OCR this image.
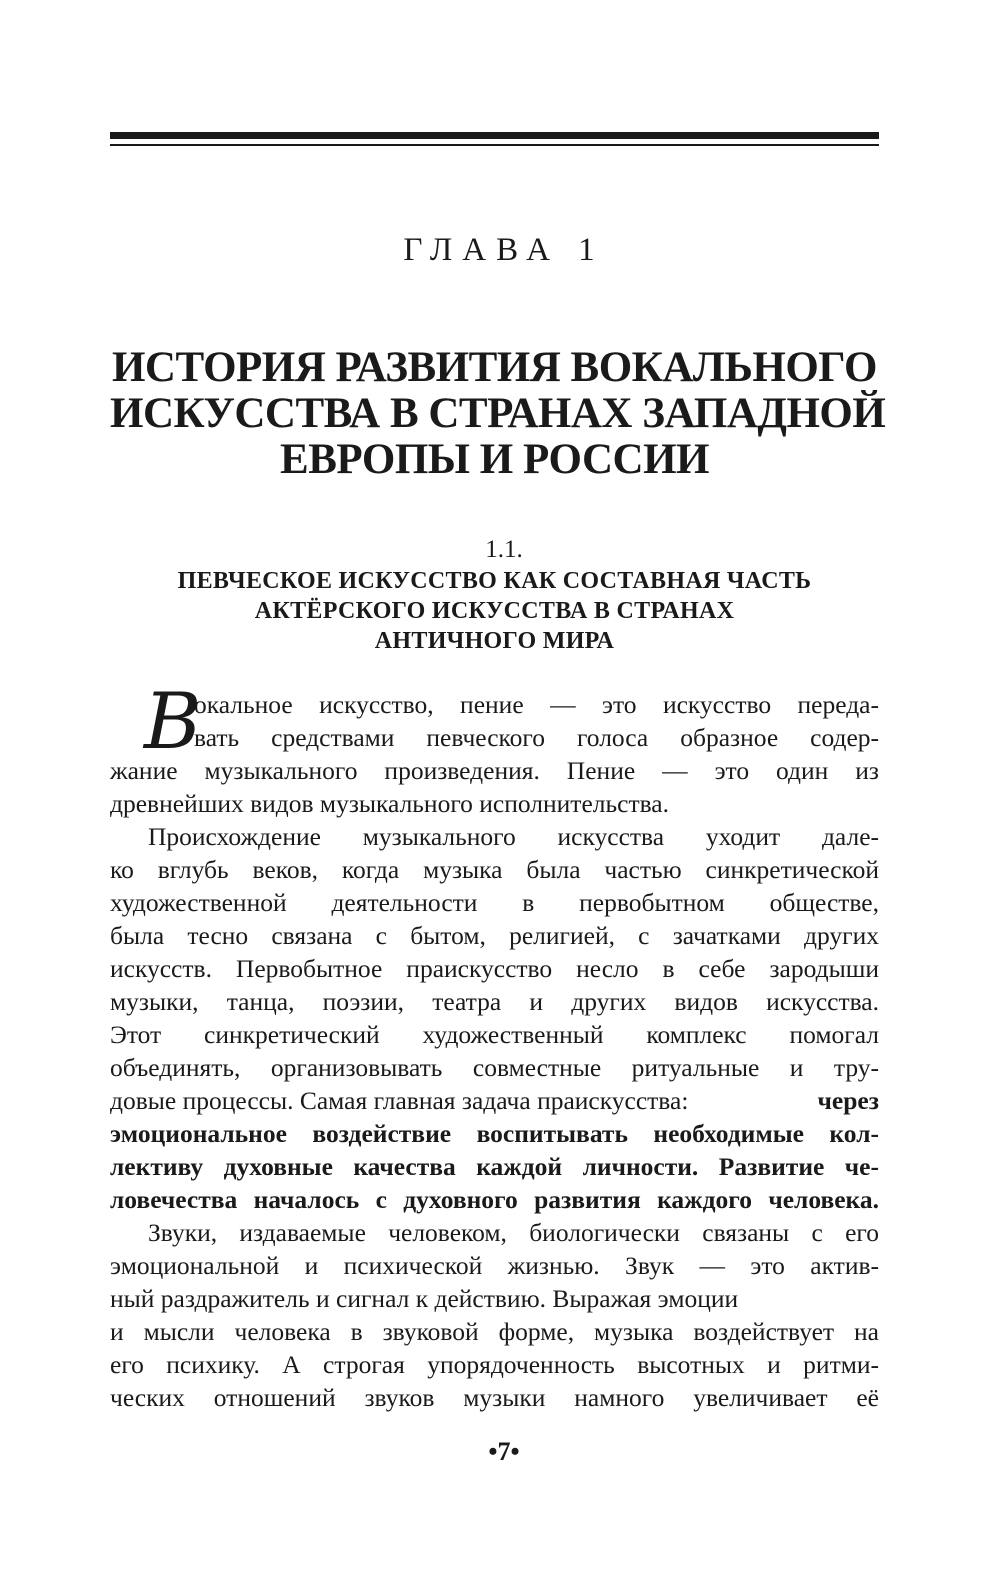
ГЛАВА 1
ИСТОРИЯ РАЗВИТИЯ ВОКАЛЬНОГО
ИСКУССТВА В СТРАНАХ ЗАПАДНОЙ
ЕВРОПЫ И РОССИИ
1.1.
ПЕВЧЕСКОЕ ИСКУССТВО КАК СОСТАВНАЯ ЧАСТЬ
АКТЁРСКОГО ИСКУССТВА В СТРАНАХ
АНТИЧНОГО МИРА
В
окальное искусство, пение — это искусство переда-
вать средствами певческого голоса образное содер-
жание музыкального произведения. Пение — это один из
древнейших видов музыкального исполнительства.
Происхождение музыкального искусства уходит дале-
ко вглубь веков, когда музыка была частью синкретической
художественной деятельности в первобытном обществе,
была тесно связана с бытом, религией, с зачатками других
искусств. Первобытное праискусство несло в себе зародыши
музыки, танца, поэзии, театра и других видов искусства.
Этот синкретический художественный комплекс помогал
объединять, организовывать совместные ритуальные и тру-
довые процессы. Самая главная задача праискусства:	через
эмоциональное воздействие воспитывать необходимые кол-
лективу духовные качества каждой личности. Развитие че-
ловечества началось с духовного развития каждого человека.
Звуки, издаваемые человеком, биологически связаны с его
эмоциональной и психической жизнью. Звук — это актив-
ный раздражитель и сигнал к действию. Выражая эмоции
и мысли человека в звуковой форме, музыка воздействует на
его психику. А строгая упорядоченность высотных и ритми-
ческих отношений звуков музыки намного увеличивает её
•7•
